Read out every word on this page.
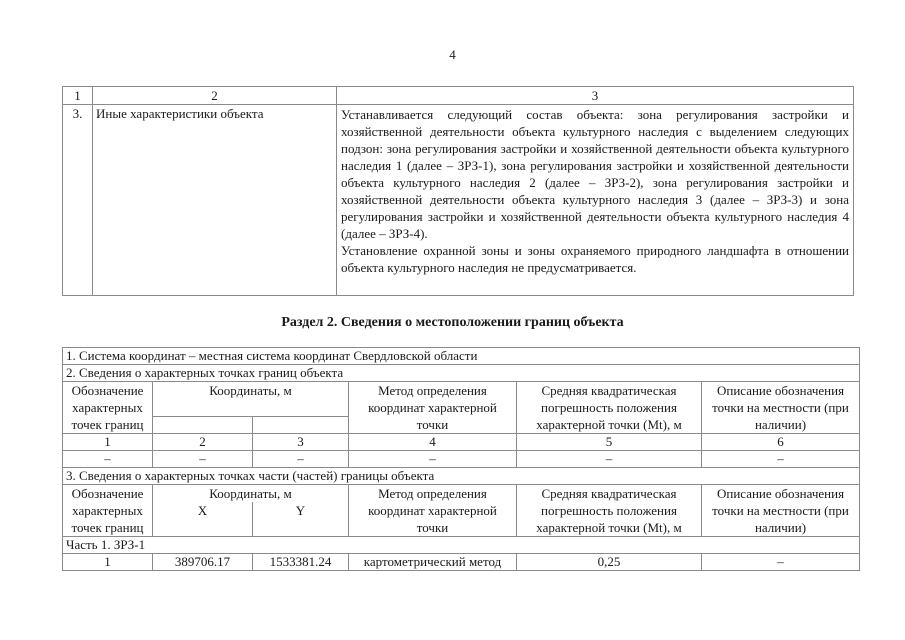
4
1	2	3
3.	Иные характеристики объекта	Устанавливается следующий состав объекта: зона регулирования застройки и хозяйственной деятельности объекта культурного наследия с выделением следующих подзон: зона регулирования застройки и хозяйственной деятельности объекта культурного наследия 1 (далее – ЗРЗ-1), зона регулирования застройки и хозяйственной деятельности объекта культурного наследия 2 (далее – ЗРЗ-2), зона регулирования застройки и хозяйственной деятельности объекта культурного наследия 3 (далее – ЗРЗ-3) и зона регулирования застройки и хозяйственной деятельности объекта культурного наследия 4 (далее – ЗРЗ-4).
Установление охранной зоны и зоны охраняемого природного ландшафта в отношении объекта культурного наследия не предусматривается.
Раздел 2. Сведения о местоположении границ объекта
1. Система координат – местная система координат Свердловской области					
2. Сведения о характерных точках границ объекта					
Обозначение характерных точек границ	Координаты, м		Метод определения координат характерной точки	Средняя квадратическая погрешность положения характерной точки (Mt), м	Описание обозначения точки на местности (при наличии)

1	2	3	4	5	6
–	–	–	–	–	–
3. Сведения о характерных точках части (частей) границы объекта					
Обозначение характерных точек границ	Координаты, м		Метод определения координат характерной точки	Средняя квадратическая погрешность положения характерной точки (Mt), м	Описание обозначения точки на местности (при наличии)
	X	Y			
Часть 1. ЗРЗ-1					
1	389706.17	1533381.24	картометрический метод	0,25	–
